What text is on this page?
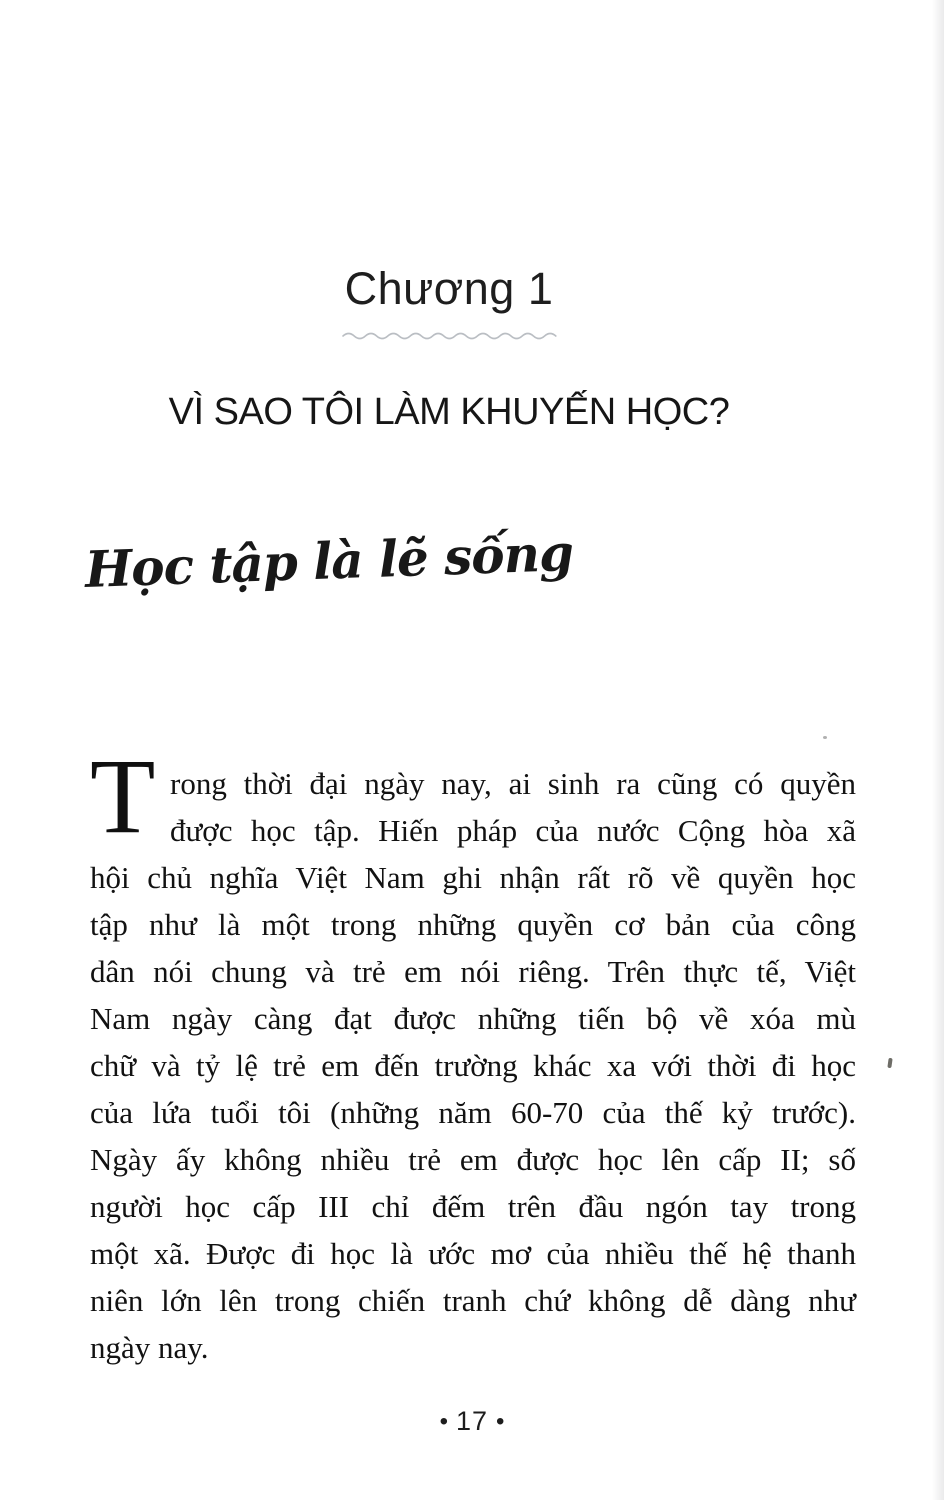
Chương 1
VÌ SAO TÔI LÀM KHUYẾN HỌC?
Học tập là lẽ sống
T rong thời đại ngày nay, ai sinh ra cũng có quyền
được học tập. Hiến pháp của nước Cộng hòa xã
hội chủ nghĩa Việt Nam ghi nhận rất rõ về quyền học
tập như là một trong những quyền cơ bản của công
dân nói chung và trẻ em nói riêng. Trên thực tế, Việt
Nam ngày càng đạt được những tiến bộ về xóa mù
chữ và tỷ lệ trẻ em đến trường khác xa với thời đi học
của lứa tuổi tôi (những năm 60-70 của thế kỷ trước).
Ngày ấy không nhiều trẻ em được học lên cấp II; số
người học cấp III chỉ đếm trên đầu ngón tay trong
một xã. Được đi học là ước mơ của nhiều thế hệ thanh
niên lớn lên trong chiến tranh chứ không dễ dàng như
ngày nay.
• 17 •
